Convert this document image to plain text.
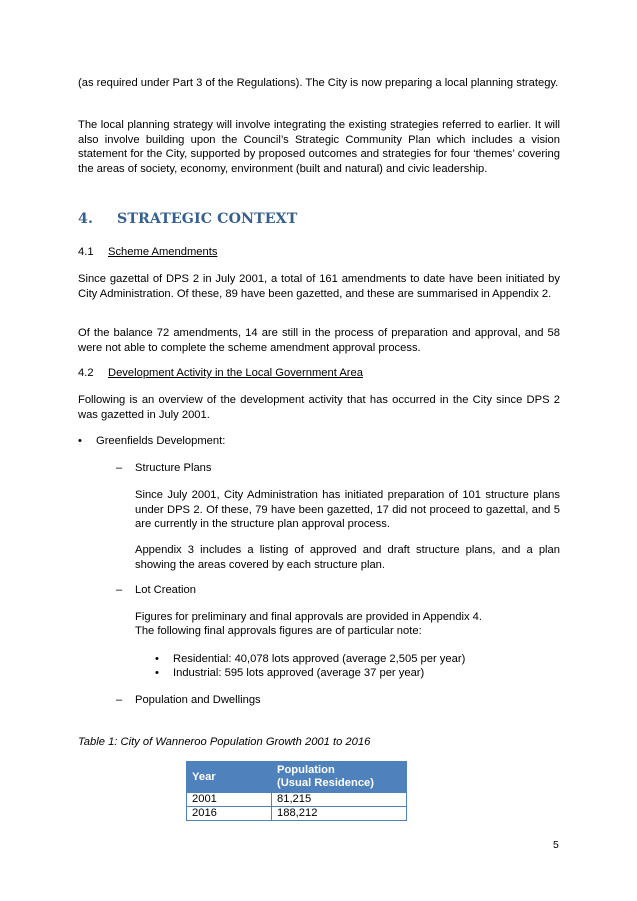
(as required under Part 3 of the Regulations). The City is now preparing a local planning strategy.

The local planning strategy will involve integrating the existing strategies referred to earlier. It will also involve building upon the Council’s Strategic Community Plan which includes a vision statement for the City, supported by proposed outcomes and strategies for four ‘themes’ covering the areas of society, economy, environment (built and natural) and civic leadership.

4. STRATEGIC CONTEXT

4.1 Scheme Amendments

Since gazettal of DPS 2 in July 2001, a total of 161 amendments to date have been initiated by City Administration. Of these, 89 have been gazetted, and these are summarised in Appendix 2.

Of the balance 72 amendments, 14 are still in the process of preparation and approval, and 58 were not able to complete the scheme amendment approval process.

4.2 Development Activity in the Local Government Area

Following is an overview of the development activity that has occurred in the City since DPS 2 was gazetted in July 2001.

• Greenfields Development:
– Structure Plans

Since July 2001, City Administration has initiated preparation of 101 structure plans under DPS 2. Of these, 79 have been gazetted, 17 did not proceed to gazettal, and 5 are currently in the structure plan approval process.

Appendix 3 includes a listing of approved and draft structure plans, and a plan showing the areas covered by each structure plan.

– Lot Creation

Figures for preliminary and final approvals are provided in Appendix 4.

The following final approvals figures are of particular note:

• Residential: 40,078 lots approved (average 2,505 per year)
• Industrial: 595 lots approved (average 37 per year)
– Population and Dwellings

Table 1: City of Wanneroo Population Growth 2001 to 2016

Year	Population
(Usual Residence)

2001	81,215
2016	188,212
5
